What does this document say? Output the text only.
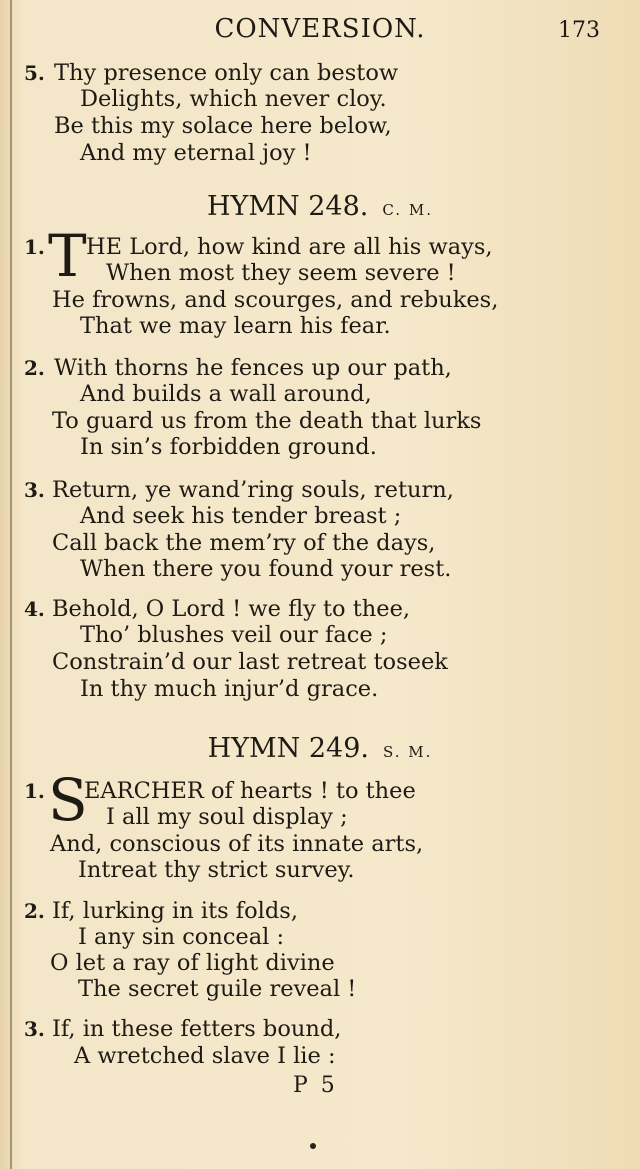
CONVERSION.	173
5. Thy presence only can bestow
Delights, which never cloy.
Be this my solace here below,
And my eternal joy !
HYMN 248. C. M.
1. T HE Lord, how kind are all his ways,
When most they seem severe !
He frowns, and scourges, and rebukes,
That we may learn his fear.
2. With thorns he fences up our path,
And builds a wall around,
To guard us from the death that lurks
In sin’s forbidden ground.
3. Return, ye wand’ring souls, return,
And seek his tender breast ;
Call back the mem’ry of the days,
When there you found your rest.
4. Behold, O Lord ! we fly to thee,
Tho’ blushes veil our face ;
Constrain’d our last retreat toseek
In thy much injur’d grace.
HYMN 249. S. M.
1. S
EARCHER of hearts ! to thee
I all my soul display ;
And, conscious of its innate arts,
Intreat thy strict survey.
2. If, lurking in its folds,
I any sin conceal :
O let a ray of light divine
The secret guile reveal !
3. If, in these fetters bound,
A wretched slave I lie :
P 5
